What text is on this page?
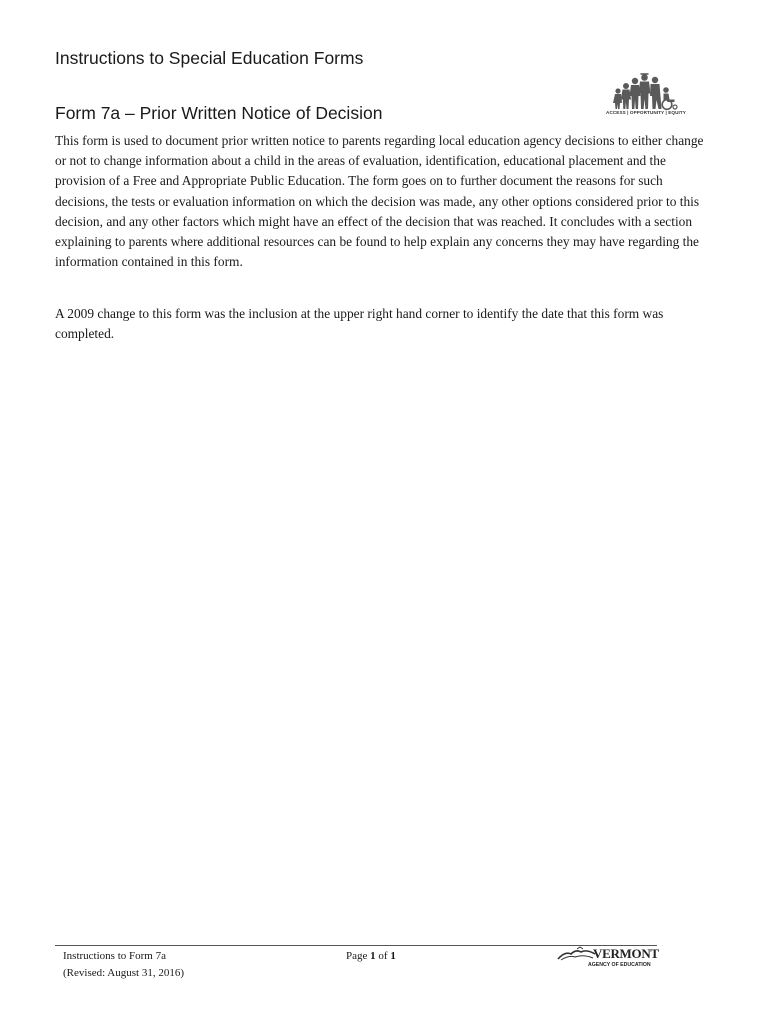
Instructions to Special Education Forms
ACCESS | OPPORTUNITY | EQUITY
Form 7a – Prior Written Notice of Decision

This form is used to document prior written notice to parents regarding local education agency decisions to either change or not to change information about a child in the areas of evaluation, identification, educational placement and the provision of a Free and Appropriate Public Education. The form goes on to further document the reasons for such decisions, the tests or evaluation information on which the decision was made, any other options considered prior to this decision, and any other factors which might have an effect of the decision that was reached. It concludes with a section explaining to parents where additional resources can be found to help explain any concerns they may have regarding the information contained in this form.

A 2009 change to this form was the inclusion at the upper right hand corner to identify the date that this form was completed.

Instructions to Form 7a

(Revised: August 31, 2016)

Page 1 of 1	VERMONT
AGENCY OF EDUCATION
